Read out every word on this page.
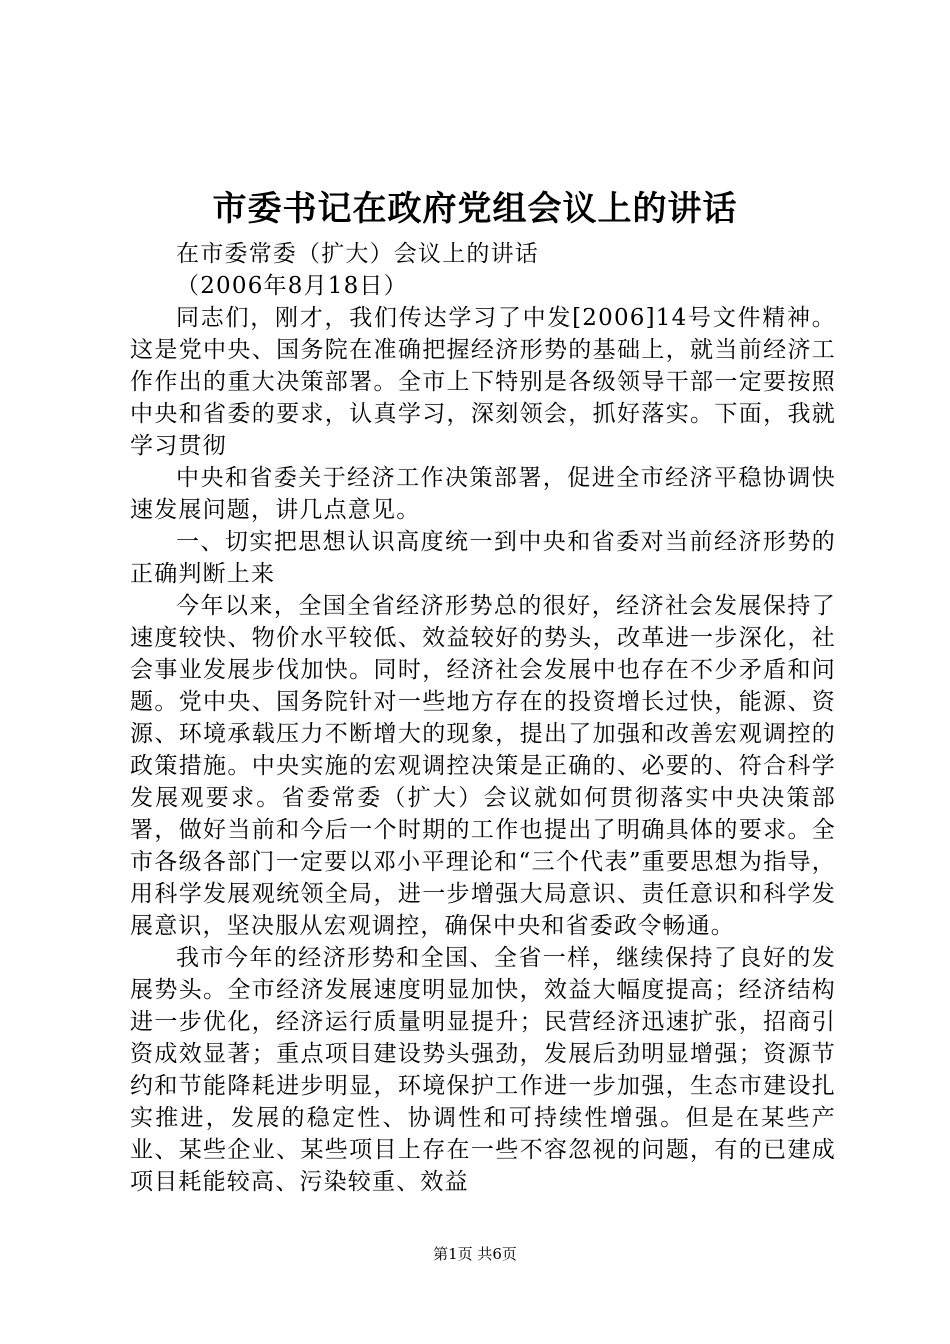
市委书记在政府党组会议上的讲话

在市委常委（扩大）会议上的讲话

（2006年8月18日）

同志们，刚才，我们传达学习了中发[2006]14号文件精神。这是党中央、国务院在准确把握经济形势的基础上，就当前经济工作作出的重大决策部署。全市上下特别是各级领导干部一定要按照中央和省委的要求，认真学习，深刻领会，抓好落实。下面，我就学习贯彻

中央和省委关于经济工作决策部署，促进全市经济平稳协调快速发展问题，讲几点意见。

一、切实把思想认识高度统一到中央和省委对当前经济形势的正确判断上来

今年以来，全国全省经济形势总的很好，经济社会发展保持了速度较快、物价水平较低、效益较好的势头，改革进一步深化，社会事业发展步伐加快。同时，经济社会发展中也存在不少矛盾和问题。党中央、国务院针对一些地方存在的投资增长过快，能源、资源、环境承载压力不断增大的现象，提出了加强和改善宏观调控的政策措施。中央实施的宏观调控决策是正确的、必要的、符合科学发展观要求。省委常委（扩大）会议就如何贯彻落实中央决策部署，做好当前和今后一个时期的工作也提出了明确具体的要求。全市各级各部门一定要以邓小平理论和“三个代表”重要思想为指导，用科学发展观统领全局，进一步增强大局意识、责任意识和科学发展意识，坚决服从宏观调控，确保中央和省委政令畅通。

我市今年的经济形势和全国、全省一样，继续保持了良好的发展势头。全市经济发展速度明显加快，效益大幅度提高；经济结构进一步优化，经济运行质量明显提升；民营经济迅速扩张，招商引资成效显著；重点项目建设势头强劲，发展后劲明显增强；资源节约和节能降耗进步明显，环境保护工作进一步加强，生态市建设扎实推进，发展的稳定性、协调性和可持续性增强。但是在某些产业、某些企业、某些项目上存在一些不容忽视的问题，有的已建成项目耗能较高、污染较重、效益

第1页 共6页
